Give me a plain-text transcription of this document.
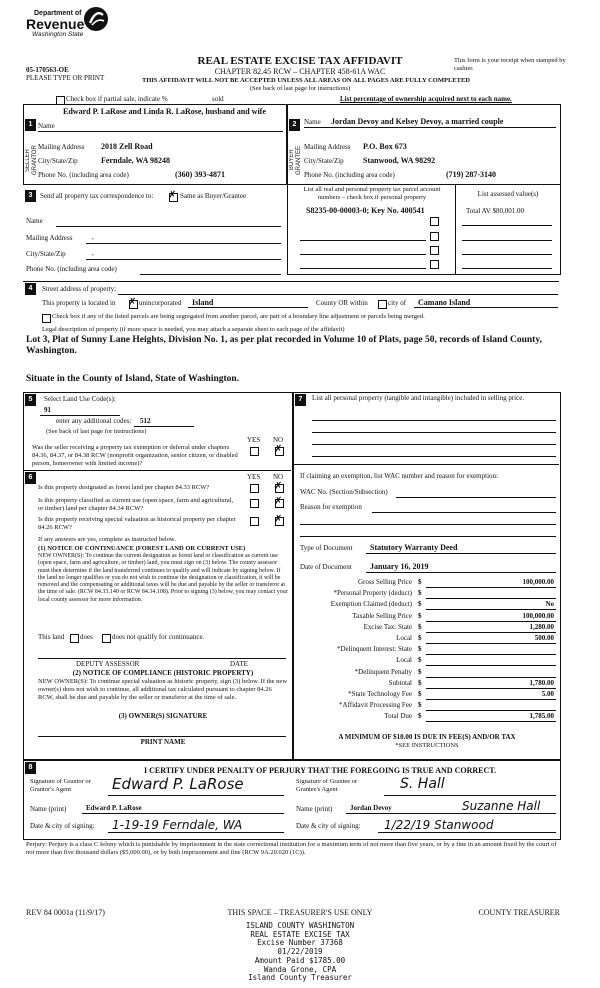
Department of
Revenue
Washington State
05-170563-OE
PLEASE TYPE OR PRINT
REAL ESTATE EXCISE TAX AFFIDAVIT
CHAPTER 82.45 RCW – CHAPTER 458-61A WAC
THIS AFFIDAVIT WILL NOT BE ACCEPTED UNLESS ALL AREAS ON ALL PAGES ARE FULLY COMPLETED
(See back of last page for instructions)
This form is your receipt when stamped by cashier.
Check box if partial sale, indicate %	sold	List percentage of ownership acquired next to each name.
1
SELLER GRANTOR
Edward P. LaRose and Linda R. LaRose, husband and wife
Name
Mailing Address 2018 Zell Road
City/State/Zip	Ferndale, WA 98248
Phone No. (including area code)	(360) 393-4871
2
BUYER GRANTEE
Name Jordan Devoy and Kelsey Devoy, a married couple
Mailing Address P.O. Box 673
City/State/Zip Stanwood, WA 98292
Phone No. (including area code)	(719) 287-3140
3	Send all property tax correspondence to: ✗ Same as Buyer/Grantee
Name
Mailing Address	,
City/State/Zip	,
Phone No. (including area code)
List all real and personal property tax parcel account numbers – check box if personal property	List assessed value(s)
S8235-00-00003-0; Key No. 400541	Total AV $80,001.00
4	Street address of property:
This property is located in ✗ unincorporated Island	County OR within	city of Camano Island
Check box if any of the listed parcels are being segregated from another parcel, are part of a boundary line adjustment or parcels being merged.
Legal description of property (if more space is needed, you may attach a separate sheet to each page of the affidavit)
Lot 3, Plat of Sunny Lane Heights, Division No. 1, as per plat recorded in Volume 10 of Plats, page 50, records of Island County, Washington.
Situate in the County of Island, State of Washington.
5	Select Land Use Code(s):
91
enter any additional codes: 512
(See back of last page for instructions)
YES NO
Was the seller receiving a property tax exemption or deferral under chapters 84.36, 84.37, or 84.38 RCW (nonprofit organization, senior citizen, or disabled person, homeowner with limited income)?
✗
6	YES NO
Is this property designated as forest land per chapter 84.33 RCW?	✗
Is this property classified as current use (open space, farm and agricultural, or timber) land per chapter 84.34 RCW?
✗
Is this property receiving special valuation as historical property per chapter 84.26 RCW?
✗
If any answers are yes, complete as instructed below.
(1) NOTICE OF CONTINUANCE (FOREST LAND OR CURRENT USE)
NEW OWNER(S): To continue the current designation as forest land or classification as current use (open space, farm and agriculture, or timber) land, you must sign on (3) below. The county assessor must then determine if the land transferred continues to qualify and will indicate by signing below. If the land no longer qualifies or you do not wish to continue the designation or classification, it will be removed and the compensating or additional taxes will be due and payable by the seller or transferor at the time of sale. (RCW 84.33.140 or RCW 84.34.108). Prior to signing (3) below, you may contact your local county assessor for more information.
This land does	does not qualify for continuance.
DEPUTY ASSESSOR	DATE
(2) NOTICE OF COMPLIANCE (HISTORIC PROPERTY)
NEW OWNER(S): To continue special valuation as historic property, sign (3) below. If the new owner(s) does not wish to continue, all additional tax calculated pursuant to chapter 84.26 RCW, shall be due and payable by the seller or transferor at the time of sale.
(3) OWNER(S) SIGNATURE
PRINT NAME
7	List all personal property (tangible and intangible) included in selling price.
If claiming an exemption, list WAC number and reason for exemption:
WAC No. (Section/Subsection)
Reason for exemption
Type of Document Statutory Warranty Deed
Date of Document January 16, 2019
Gross Selling Price $	100,000.00
*Personal Property (deduct) $
Exemption Claimed (deduct) $	No
Taxable Selling Price $	100,000.00
Excise Tax: State $	1,280.00
Local $	500.00
*Delinquent Interest: State $
Local $
*Delinquent Penalty $
Subtotal $	1,780.00
*State Technology Fee $	5.00
*Affidavit Processing Fee $
Total Due $	1,785.00
A MINIMUM OF $10.00 IS DUE IN FEE(S) AND/OR TAX
*SEE INSTRUCTIONS
8	I CERTIFY UNDER PENALTY OF PERJURY THAT THE FOREGOING IS TRUE AND CORRECT.
Signature of Grantor or Grantor's Agent	Edward P. LaRose	Signature of Grantee or Grantee's Agent	S. Hall
Name (print)	Edward P. LaRose	Name (print)	Jordan Devoy	Suzanne Hall
Date & city of signing: 1-19-19 Ferndale, WA	Date & city of signing: 1/22/19 Stanwood
Perjury: Perjury is a class C felony which is punishable by imprisonment in the state correctional institution for a maximum term of not more than five years, or by a fine in an amount fixed by the court of not more than five thousand dollars ($5,000.00), or by both imprisonment and fine (RCW 9A.20.020 (1C)).
REV 84 0001a (11/9/17)	THIS SPACE – TREASURER'S USE ONLY	COUNTY TREASURER
ISLAND COUNTY WASHINGTON
REAL ESTATE EXCISE TAX
Excise Number 37368
01/22/2019
Amount Paid $1785.00
Wanda Grone, CPA
Island County Treasurer
